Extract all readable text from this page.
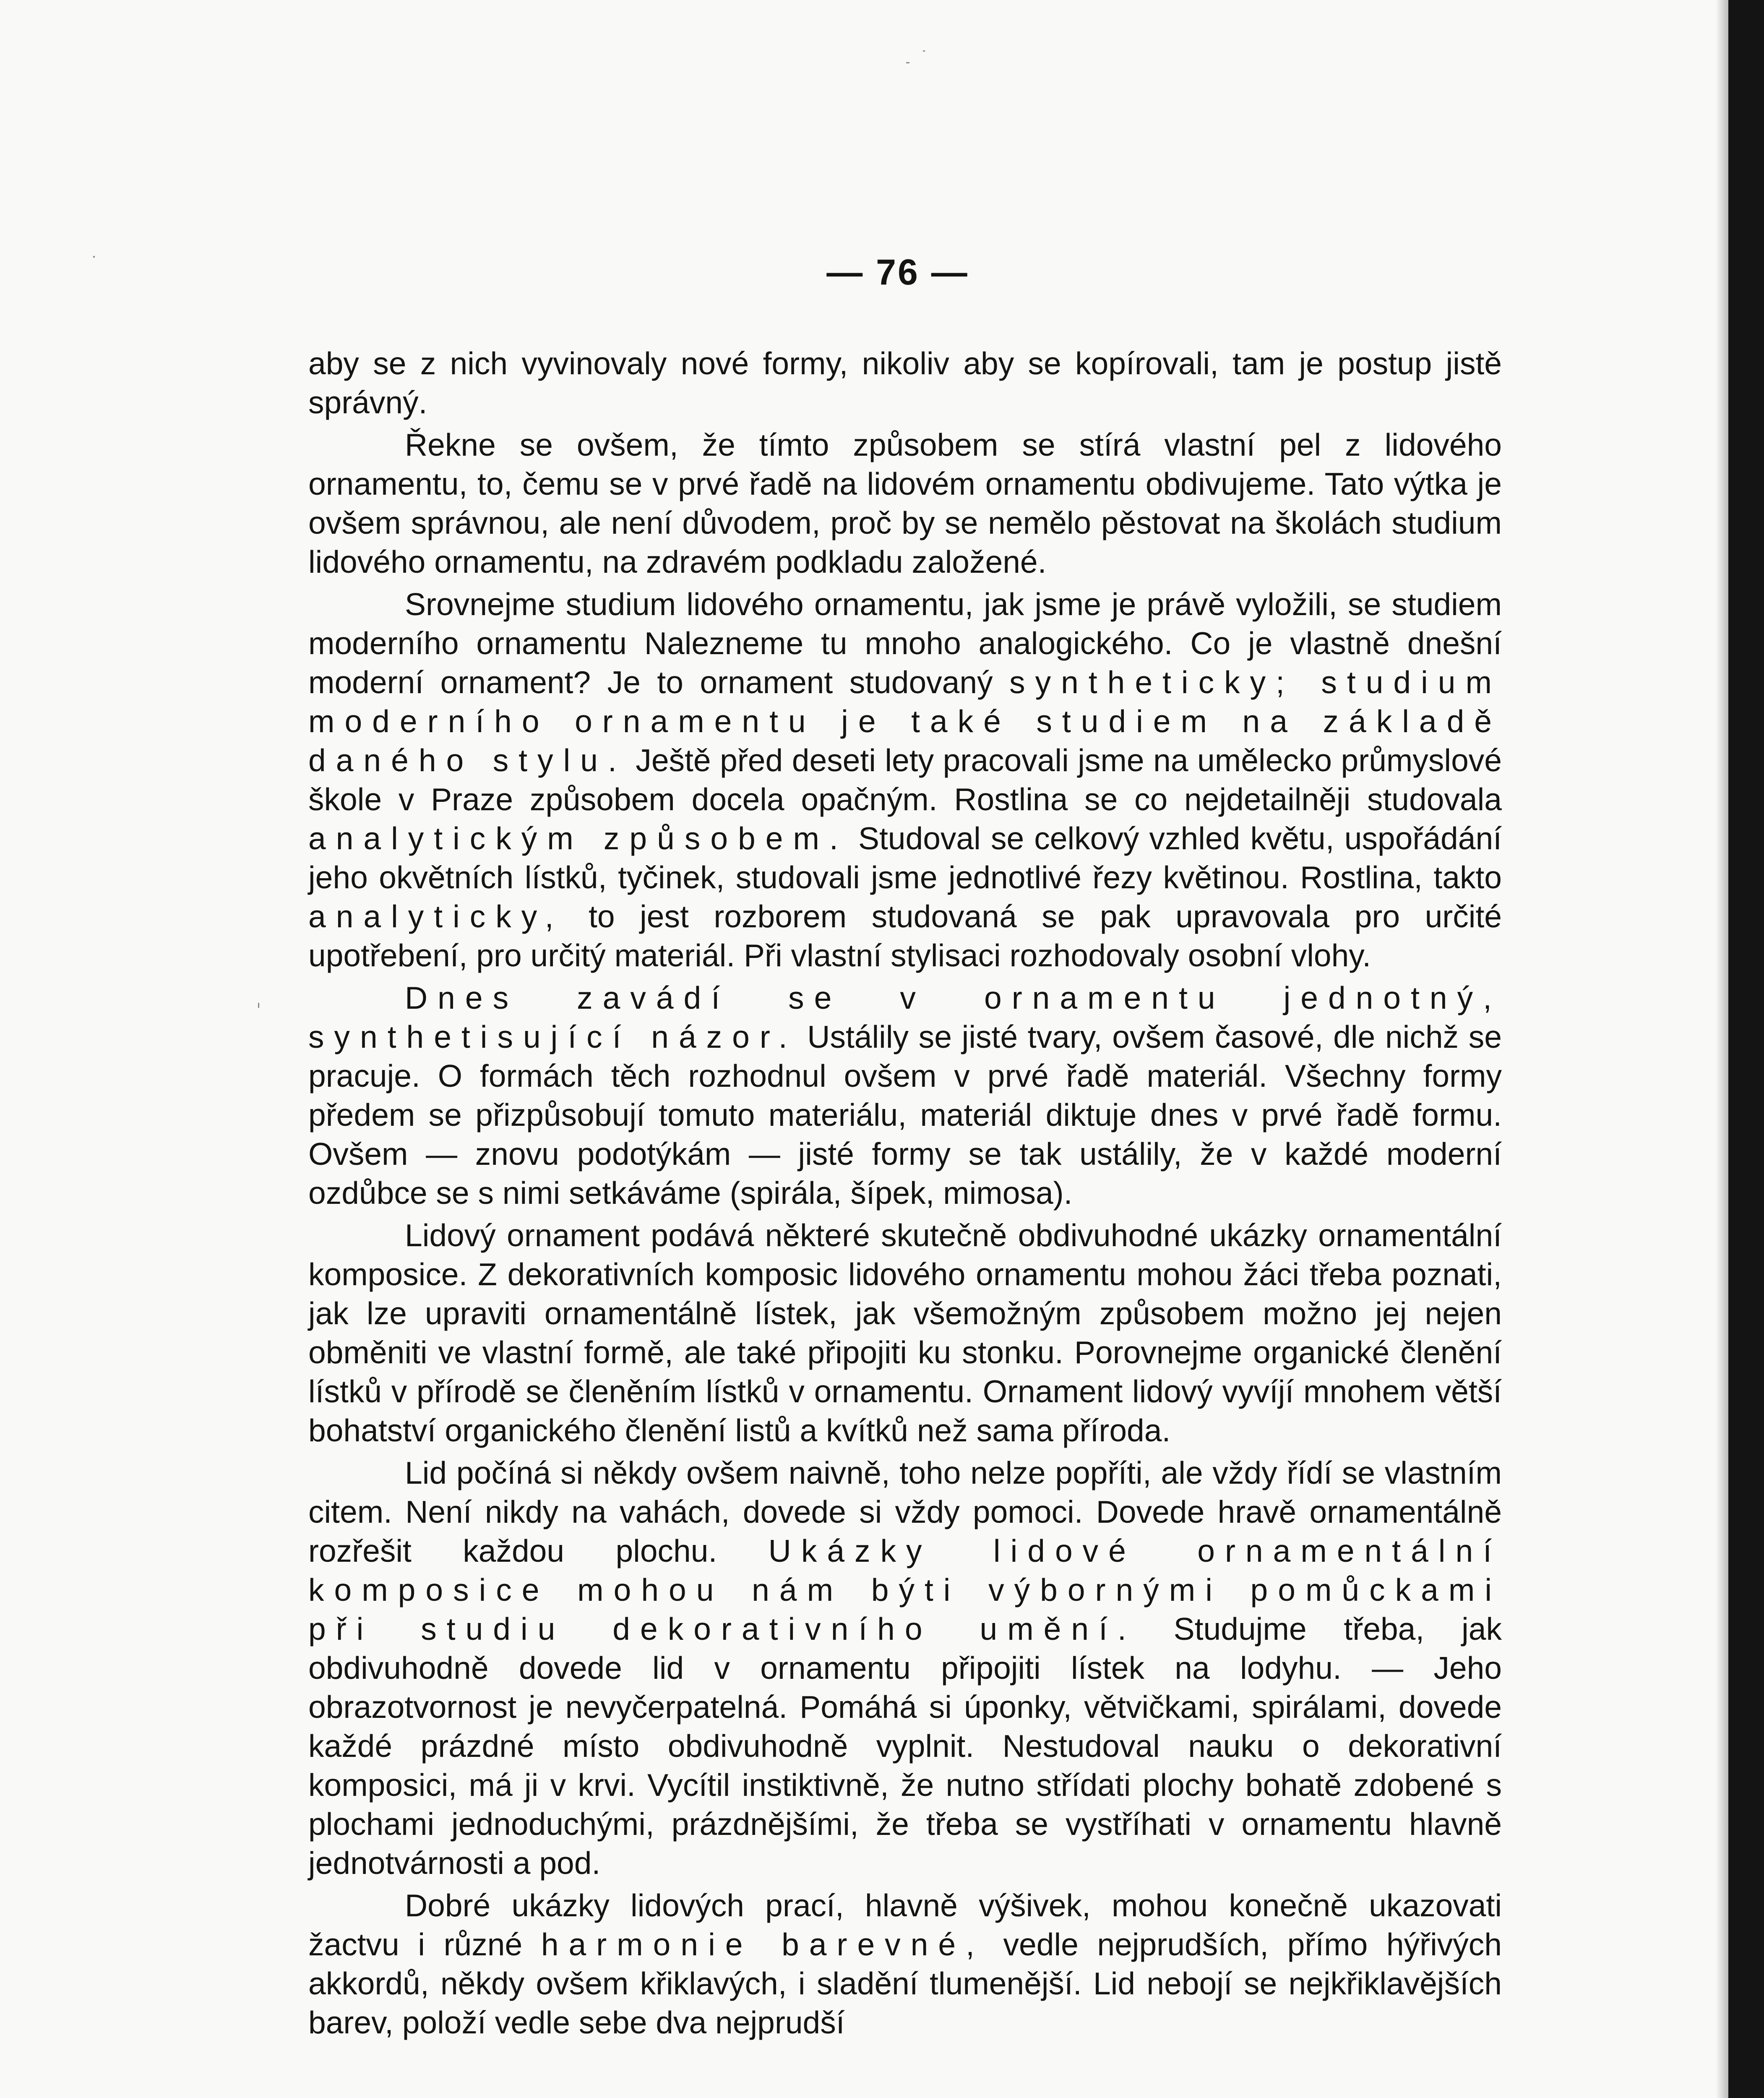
— 76 —

aby se z nich vyvinovaly nové formy, nikoliv aby se kopírovali, tam je postup jistě správný.

Řekne se ovšem, že tímto způsobem se stírá vlastní pel z lidového ornamentu, to, čemu se v prvé řadě na lidovém ornamentu obdivujeme. Tato výtka je ovšem správnou, ale není důvodem, proč by se nemělo pěstovat na školách studium lidového ornamentu, na zdravém podkladu založené.

Srovnejme studium lidového ornamentu, jak jsme je právě vyložili, se studiem moderního ornamentu Nalezneme tu mnoho analogického. Co je vlastně dnešní moderní ornament? Je to ornament studovaný syntheticky; studium moderního ornamentu je také studiem na základě daného stylu. Ještě před deseti lety pracovali jsme na umělecko průmyslové škole v Praze způsobem docela opačným. Rostlina se co nejdetailněji studovala analytickým způsobem. Studoval se celkový vzhled květu, uspořádání jeho okvětních lístků, tyčinek, studovali jsme jednotlivé řezy květinou. Rostlina, takto analyticky, to jest rozborem studovaná se pak upravovala pro určité upotřebení, pro určitý materiál. Při vlastní stylisaci rozhodovaly osobní vlohy.

Dnes zavádí se v ornamentu jednotný, synthetisující názor. Ustálily se jisté tvary, ovšem časové, dle nichž se pracuje. O formách těch rozhodnul ovšem v prvé řadě materiál. Všechny formy předem se přizpůsobují tomuto materiálu, materiál diktuje dnes v prvé řadě formu. Ovšem — znovu podotýkám — jisté formy se tak ustálily, že v každé moderní ozdůbce se s nimi setkáváme (spirála, šípek, mimosa).

Lidový ornament podává některé skutečně obdivuhodné ukázky ornamentální komposice. Z dekorativních komposic lidového ornamentu mohou žáci třeba poznati, jak lze upraviti ornamentálně lístek, jak všemožným způsobem možno jej nejen obměniti ve vlastní formě, ale také připojiti ku stonku. Porovnejme organické členění lístků v přírodě se členěním lístků v ornamentu. Ornament lidový vyvíjí mnohem větší bohatství organického členění listů a kvítků než sama příroda.

Lid počíná si někdy ovšem naivně, toho nelze popříti, ale vždy řídí se vlastním citem. Není nikdy na vahách, dovede si vždy pomoci. Dovede hravě ornamentálně rozřešit každou plochu. Ukázky lidové ornamentální komposice mohou nám býti výbornými pomůckami při studiu dekorativního umění. Studujme třeba, jak obdivuhodně dovede lid v ornamentu připojiti lístek na lodyhu. — Jeho obrazotvornost je nevyčerpatelná. Pomáhá si úponky, větvičkami, spirálami, dovede každé prázdné místo obdivuhodně vyplnit. Nestudoval nauku o dekorativní komposici, má ji v krvi. Vycítil instiktivně, že nutno střídati plochy bohatě zdobené s plochami jednoduchými, prázdnějšími, že třeba se vystříhati v ornamentu hlavně jednotvárnosti a pod.

Dobré ukázky lidových prací, hlavně výšivek, mohou konečně ukazovati žactvu i různé harmonie barevné, vedle nejprudších, přímo hýřivých akkordů, někdy ovšem křiklavých, i sladění tlumenější. Lid nebojí se nejkřiklavějších barev, položí vedle sebe dva nejprudší
